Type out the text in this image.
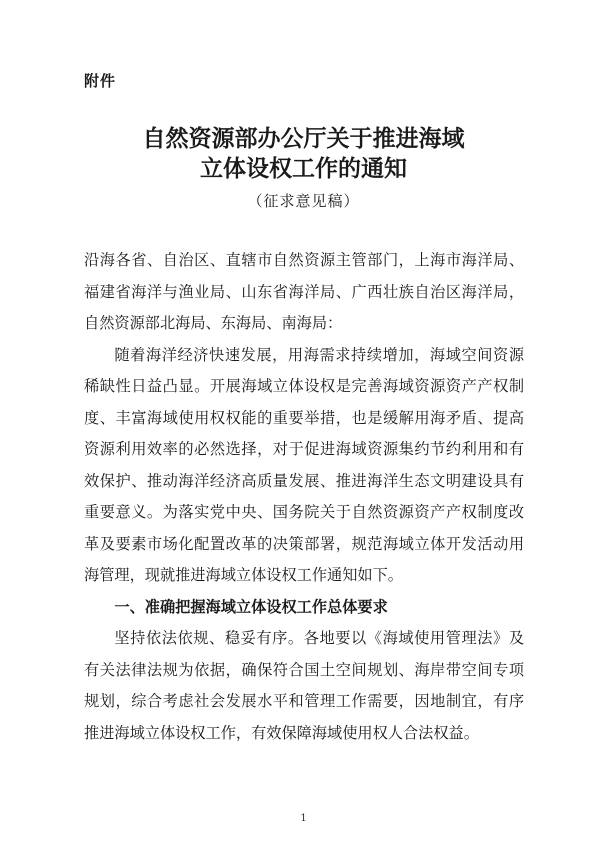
附件
自然资源部办公厅关于推进海域
立体设权工作的通知
（征求意见稿）

沿海各省、自治区、直辖市自然资源主管部门，上海市海洋局、福建省海洋与渔业局、山东省海洋局、广西壮族自治区海洋局，自然资源部北海局、东海局、南海局：

随着海洋经济快速发展，用海需求持续增加，海域空间资源稀缺性日益凸显。开展海域立体设权是完善海域资源资产产权制度、丰富海域使用权权能的重要举措，也是缓解用海矛盾、提高资源利用效率的必然选择，对于促进海域资源集约节约利用和有效保护、推动海洋经济高质量发展、推进海洋生态文明建设具有重要意义。为落实党中央、国务院关于自然资源资产产权制度改革及要素市场化配置改革的决策部署，规范海域立体开发活动用海管理，现就推进海域立体设权工作通知如下。

一、准确把握海域立体设权工作总体要求

坚持依法依规、稳妥有序。各地要以《海域使用管理法》及有关法律法规为依据，确保符合国土空间规划、海岸带空间专项规划，综合考虑社会发展水平和管理工作需要，因地制宜，有序推进海域立体设权工作，有效保障海域使用权人合法权益。

1
